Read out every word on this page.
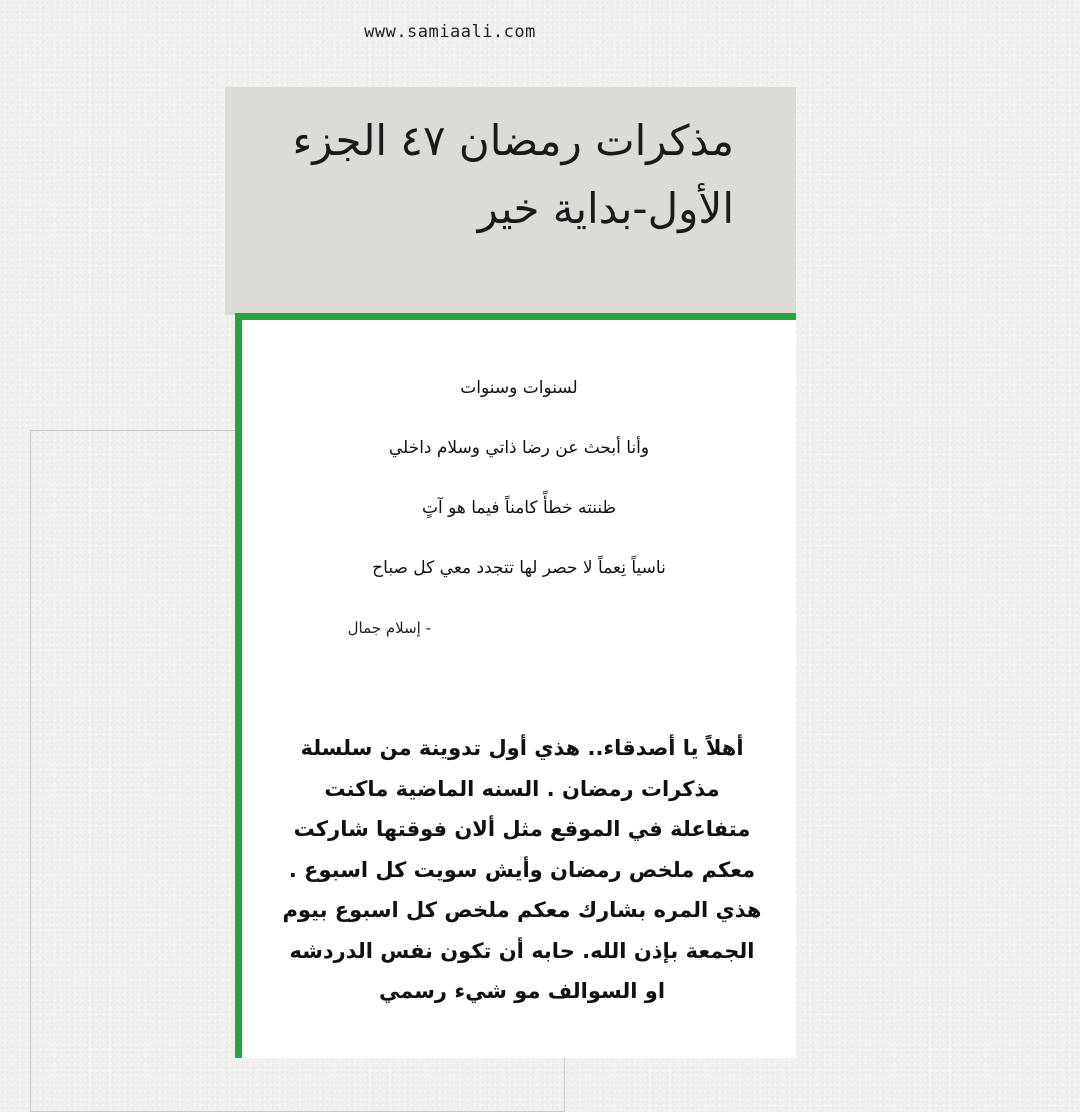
www.samiaali.com
مذكرات رمضان ٤٧ الجزء الأول-بداية خير
لسنوات وسنوات
وأنا أبحث عن رضا ذاتي وسلام داخلي
ظننته خطأً كامناً فيما هو آتٍ
ناسياً نِعماً لا حصر لها تتجدد معي كل صباح
- إسلام جمال
أهلاً يا أصدقاء.. هذي أول تدوينة من سلسلة مذكرات رمضان . السنه الماضية ماكنت متفاعلة في الموقع مثل ألان فوقتها شاركت معكم ملخص رمضان وأيش سويت كل اسبوع . هذي المره بشارك معكم ملخص كل اسبوع بيوم الجمعة بإذن الله. حابه أن تكون نفس الدردشه او السوالف مو شيء رسمي
